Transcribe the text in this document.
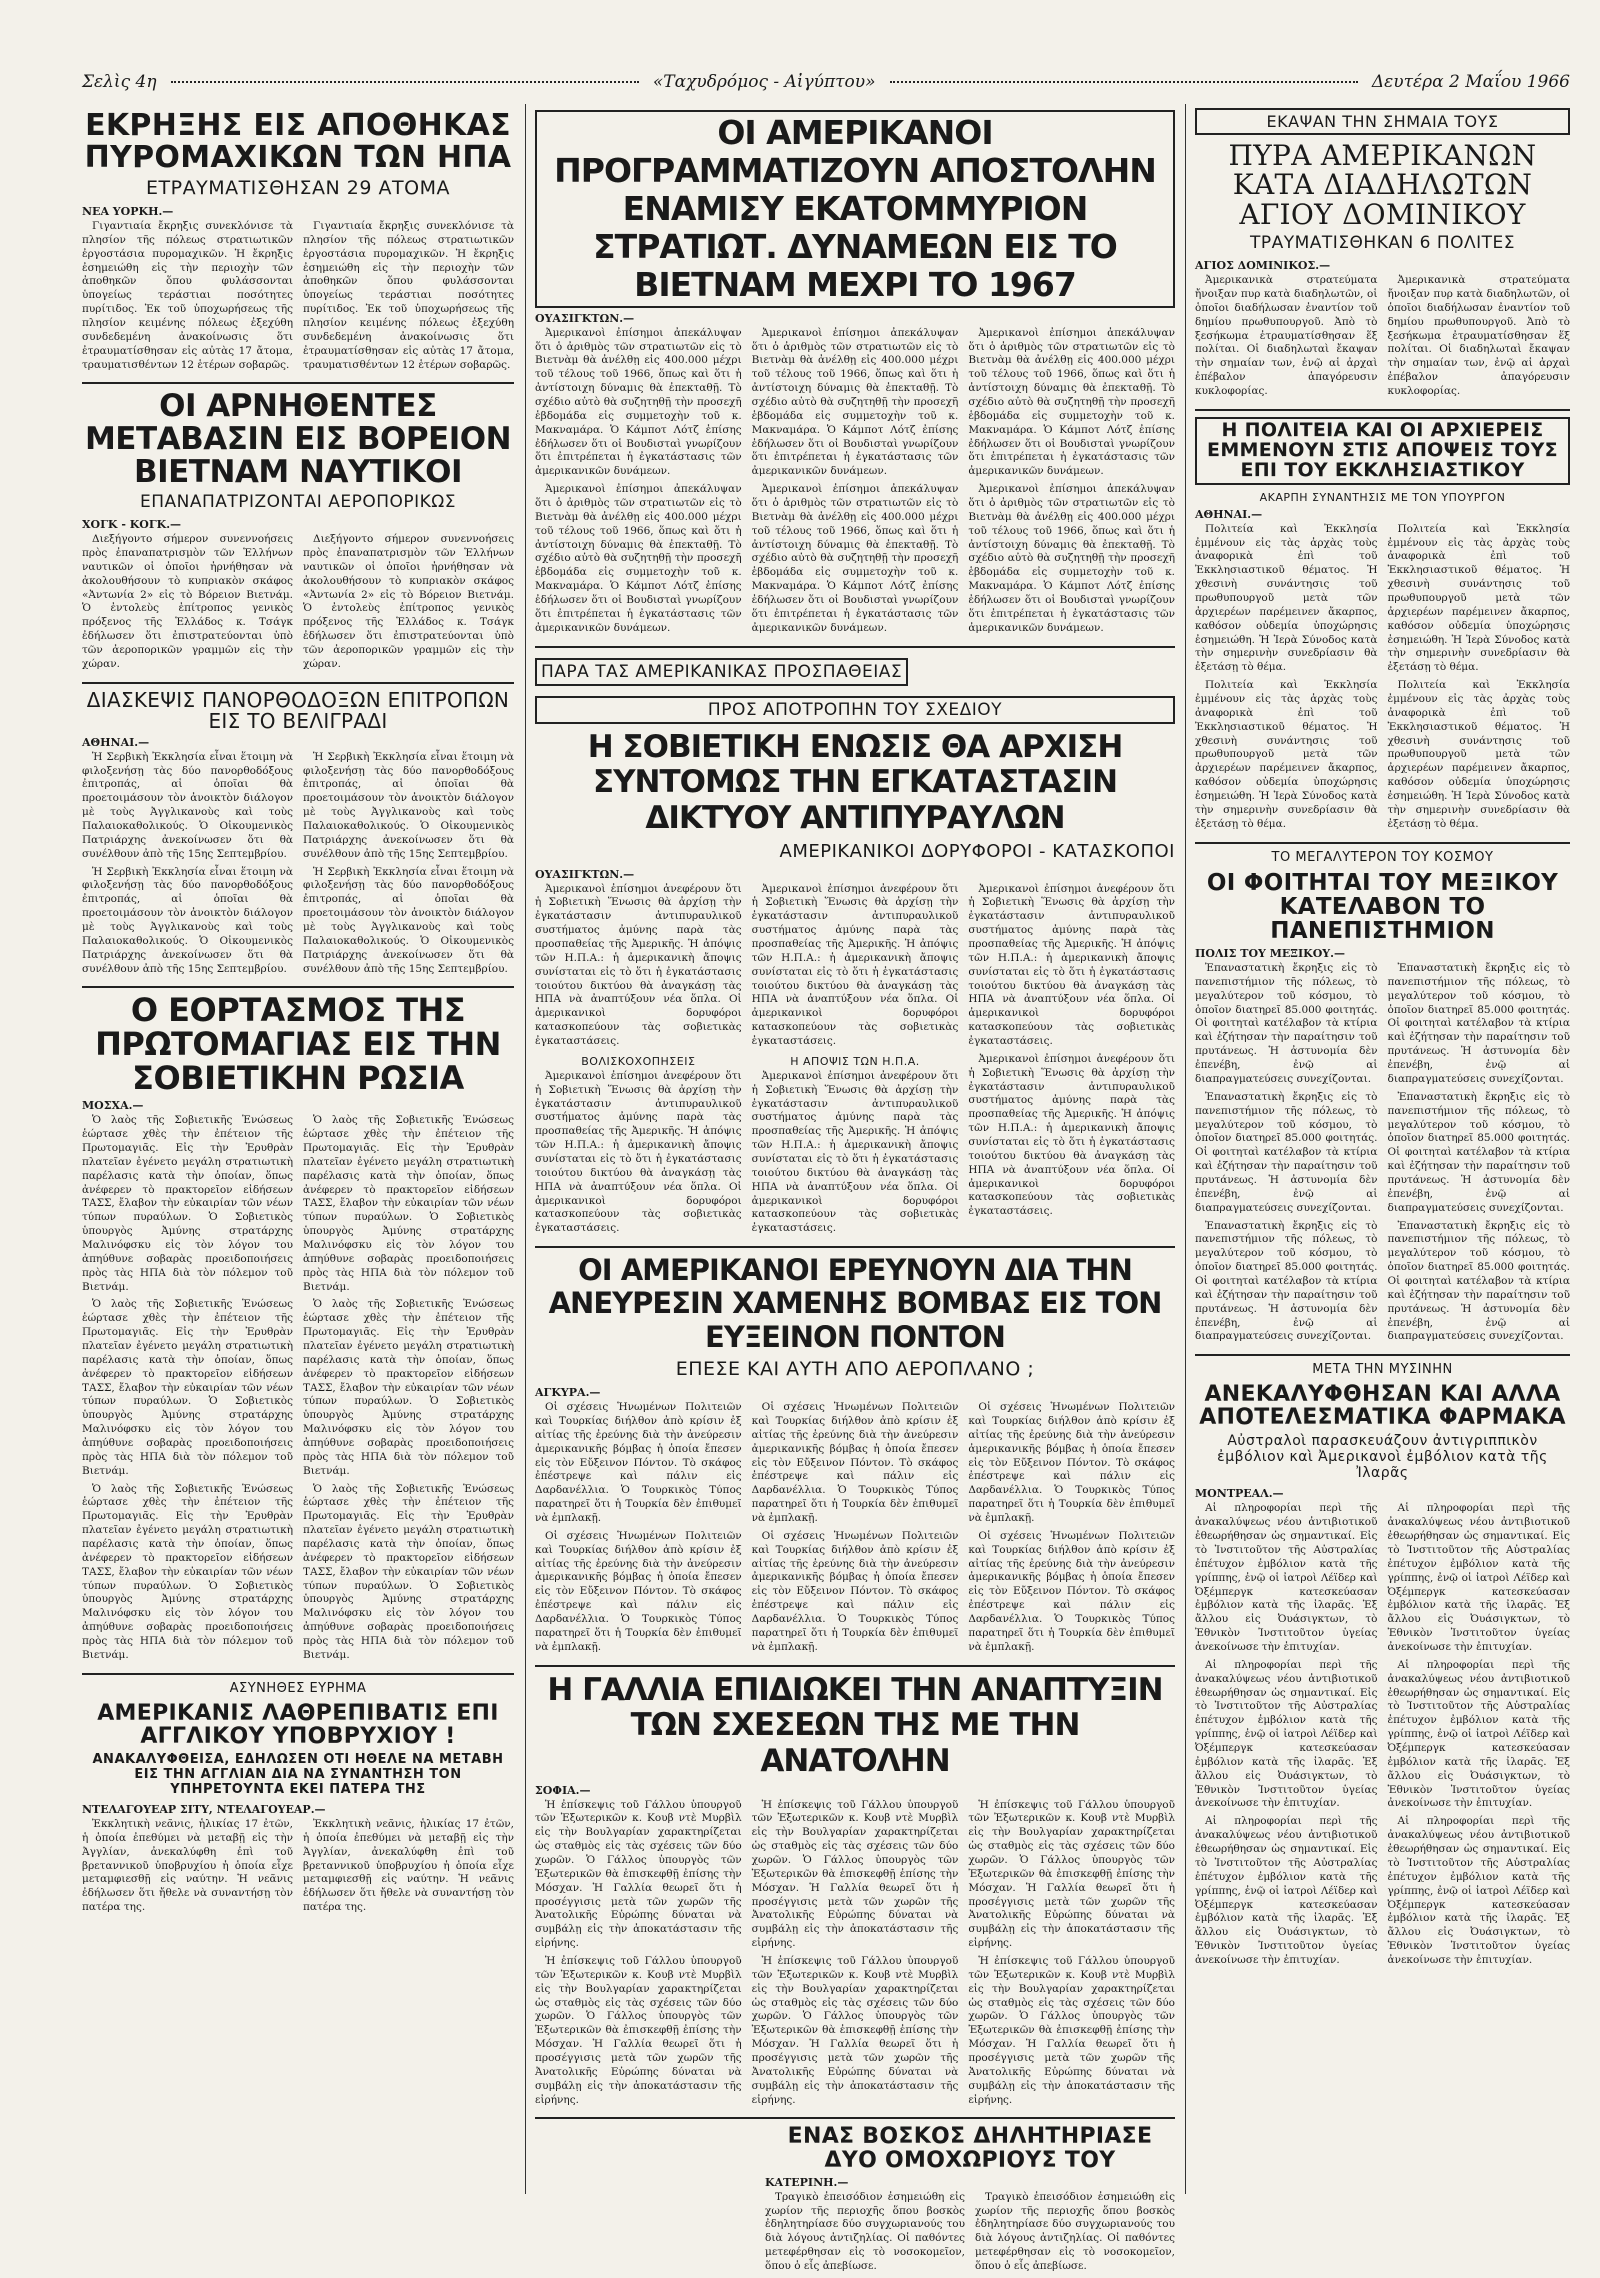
Σελὶς 4η	«Ταχυδρόμος - Αἰγύπτου»	Δευτέρα 2 Μαΐου 1966
ΕΚΡΗΞΗΣ ΕΙΣ ΑΠΟΘΗΚΑΣ ΠΥΡΟΜΑΧΙΚΩΝ ΤΩΝ ΗΠΑ
ΕΤΡΑΥΜΑΤΙΣΘΗΣΑΝ 29 ΑΤΟΜΑ
ΝΕΑ ΥΟΡΚΗ.—

Γιγαντιαία ἔκρηξις συνεκλόνισε τὰ πλησίον τῆς πόλεως στρατιωτικῶν ἐργοστάσια πυρομαχικῶν. Ἡ ἔκρηξις ἐσημειώθη εἰς τὴν περιοχὴν τῶν ἀποθηκῶν ὅπου φυλάσσονται ὑπογείως τεράστιαι ποσότητες πυρίτιδος. Ἐκ τοῦ ὑποχωρήσεως τῆς πλησίον κειμένης πόλεως ἐξεχύθη συνδεδεμένη ἀνακοίνωσις ὅτι ἐτραυματίσθησαν εἰς αὐτὰς 17 ἄτομα, τραυματισθέντων 12 ἑτέρων σοβαρῶς.

Γιγαντιαία ἔκρηξις συνεκλόνισε τὰ πλησίον τῆς πόλεως στρατιωτικῶν ἐργοστάσια πυρομαχικῶν. Ἡ ἔκρηξις ἐσημειώθη εἰς τὴν περιοχὴν τῶν ἀποθηκῶν ὅπου φυλάσσονται ὑπογείως τεράστιαι ποσότητες πυρίτιδος. Ἐκ τοῦ ὑποχωρήσεως τῆς πλησίον κειμένης πόλεως ἐξεχύθη συνδεδεμένη ἀνακοίνωσις ὅτι ἐτραυματίσθησαν εἰς αὐτὰς 17 ἄτομα, τραυματισθέντων 12 ἑτέρων σοβαρῶς.

ΟΙ ΑΡΝΗΘΕΝΤΕΣ ΜΕΤΑΒΑΣΙΝ ΕΙΣ ΒΟΡΕΙΟΝ ΒΙΕΤΝΑΜ ΝΑΥΤΙΚΟΙ
ΕΠΑΝΑΠΑΤΡΙΖΟΝΤΑΙ ΑΕΡΟΠΟΡΙΚΩΣ
ΧΟΓΚ - ΚΟΓΚ.—

Διεξήγοντο σήμερον συνεννοήσεις πρὸς ἐπαναπατρισμὸν τῶν Ἑλλήνων ναυτικῶν οἱ ὁποῖοι ἠρνήθησαν νὰ ἀκολουθήσουν τὸ κυπριακὸν σκάφος «Ἀντωνία 2» εἰς τὸ Βόρειον Βιετνάμ. Ὁ ἐντολεὺς ἐπίτροπος γενικὸς πρόξενος τῆς Ἑλλάδος κ. Τσάγκ ἐδήλωσεν ὅτι ἐπιστρατεύονται ὑπὸ τῶν ἀεροπορικῶν γραμμῶν εἰς τὴν χώραν.

Διεξήγοντο σήμερον συνεννοήσεις πρὸς ἐπαναπατρισμὸν τῶν Ἑλλήνων ναυτικῶν οἱ ὁποῖοι ἠρνήθησαν νὰ ἀκολουθήσουν τὸ κυπριακὸν σκάφος «Ἀντωνία 2» εἰς τὸ Βόρειον Βιετνάμ. Ὁ ἐντολεὺς ἐπίτροπος γενικὸς πρόξενος τῆς Ἑλλάδος κ. Τσάγκ ἐδήλωσεν ὅτι ἐπιστρατεύονται ὑπὸ τῶν ἀεροπορικῶν γραμμῶν εἰς τὴν χώραν.

ΔΙΑΣΚΕΨΙΣ ΠΑΝΟΡΘΟΔΟΞΩΝ ΕΠΙΤΡΟΠΩΝ ΕΙΣ ΤΟ ΒΕΛΙΓΡΑΔΙ
ΑΘΗΝΑΙ.—

Ἡ Σερβικὴ Ἐκκλησία εἶναι ἕτοιμη νὰ φιλοξενήσῃ τὰς δύο πανορθοδόξους ἐπιτροπάς, αἱ ὁποῖαι θὰ προετοιμάσουν τὸν ἀνοικτὸν διάλογον μὲ τοὺς Ἀγγλικανοὺς καὶ τοὺς Παλαιοκαθολικούς. Ὁ Οἰκουμενικὸς Πατριάρχης ἀνεκοίνωσεν ὅτι θὰ συνέλθουν ἀπὸ τῆς 15ης Σεπτεμβρίου.

Ἡ Σερβικὴ Ἐκκλησία εἶναι ἕτοιμη νὰ φιλοξενήσῃ τὰς δύο πανορθοδόξους ἐπιτροπάς, αἱ ὁποῖαι θὰ προετοιμάσουν τὸν ἀνοικτὸν διάλογον μὲ τοὺς Ἀγγλικανοὺς καὶ τοὺς Παλαιοκαθολικούς. Ὁ Οἰκουμενικὸς Πατριάρχης ἀνεκοίνωσεν ὅτι θὰ συνέλθουν ἀπὸ τῆς 15ης Σεπτεμβρίου.

Ἡ Σερβικὴ Ἐκκλησία εἶναι ἕτοιμη νὰ φιλοξενήσῃ τὰς δύο πανορθοδόξους ἐπιτροπάς, αἱ ὁποῖαι θὰ προετοιμάσουν τὸν ἀνοικτὸν διάλογον μὲ τοὺς Ἀγγλικανοὺς καὶ τοὺς Παλαιοκαθολικούς. Ὁ Οἰκουμενικὸς Πατριάρχης ἀνεκοίνωσεν ὅτι θὰ συνέλθουν ἀπὸ τῆς 15ης Σεπτεμβρίου.

Ἡ Σερβικὴ Ἐκκλησία εἶναι ἕτοιμη νὰ φιλοξενήσῃ τὰς δύο πανορθοδόξους ἐπιτροπάς, αἱ ὁποῖαι θὰ προετοιμάσουν τὸν ἀνοικτὸν διάλογον μὲ τοὺς Ἀγγλικανοὺς καὶ τοὺς Παλαιοκαθολικούς. Ὁ Οἰκουμενικὸς Πατριάρχης ἀνεκοίνωσεν ὅτι θὰ συνέλθουν ἀπὸ τῆς 15ης Σεπτεμβρίου.

Ο ΕΟΡΤΑΣΜΟΣ ΤΗΣ ΠΡΩΤΟΜΑΓΙΑΣ ΕΙΣ ΤΗΝ ΣΟΒΙΕΤΙΚΗΝ ΡΩΣΙΑ
ΜΟΣΧΑ.—

Ὁ λαὸς τῆς Σοβιετικῆς Ἑνώσεως ἑώρτασε χθὲς τὴν ἐπέτειον τῆς Πρωτομαγιᾶς. Εἰς τὴν Ἐρυθρὰν πλατεῖαν ἐγένετο μεγάλη στρατιωτικὴ παρέλασις κατὰ τὴν ὁποίαν, ὅπως ἀνέφερεν τὸ πρακτορεῖον εἰδήσεων ΤΑΣΣ, ἔλαβον τὴν εὐκαιρίαν τῶν νέων τύπων πυραύλων. Ὁ Σοβιετικὸς ὑπουργὸς Ἀμύνης στρατάρχης Μαλινόφσκυ εἰς τὸν λόγον του ἀπηύθυνε σοβαρὰς προειδοποιήσεις πρὸς τὰς ΗΠΑ διὰ τὸν πόλεμον τοῦ Βιετνάμ.

Ὁ λαὸς τῆς Σοβιετικῆς Ἑνώσεως ἑώρτασε χθὲς τὴν ἐπέτειον τῆς Πρωτομαγιᾶς. Εἰς τὴν Ἐρυθρὰν πλατεῖαν ἐγένετο μεγάλη στρατιωτικὴ παρέλασις κατὰ τὴν ὁποίαν, ὅπως ἀνέφερεν τὸ πρακτορεῖον εἰδήσεων ΤΑΣΣ, ἔλαβον τὴν εὐκαιρίαν τῶν νέων τύπων πυραύλων. Ὁ Σοβιετικὸς ὑπουργὸς Ἀμύνης στρατάρχης Μαλινόφσκυ εἰς τὸν λόγον του ἀπηύθυνε σοβαρὰς προειδοποιήσεις πρὸς τὰς ΗΠΑ διὰ τὸν πόλεμον τοῦ Βιετνάμ.

Ὁ λαὸς τῆς Σοβιετικῆς Ἑνώσεως ἑώρτασε χθὲς τὴν ἐπέτειον τῆς Πρωτομαγιᾶς. Εἰς τὴν Ἐρυθρὰν πλατεῖαν ἐγένετο μεγάλη στρατιωτικὴ παρέλασις κατὰ τὴν ὁποίαν, ὅπως ἀνέφερεν τὸ πρακτορεῖον εἰδήσεων ΤΑΣΣ, ἔλαβον τὴν εὐκαιρίαν τῶν νέων τύπων πυραύλων. Ὁ Σοβιετικὸς ὑπουργὸς Ἀμύνης στρατάρχης Μαλινόφσκυ εἰς τὸν λόγον του ἀπηύθυνε σοβαρὰς προειδοποιήσεις πρὸς τὰς ΗΠΑ διὰ τὸν πόλεμον τοῦ Βιετνάμ.

Ὁ λαὸς τῆς Σοβιετικῆς Ἑνώσεως ἑώρτασε χθὲς τὴν ἐπέτειον τῆς Πρωτομαγιᾶς. Εἰς τὴν Ἐρυθρὰν πλατεῖαν ἐγένετο μεγάλη στρατιωτικὴ παρέλασις κατὰ τὴν ὁποίαν, ὅπως ἀνέφερεν τὸ πρακτορεῖον εἰδήσεων ΤΑΣΣ, ἔλαβον τὴν εὐκαιρίαν τῶν νέων τύπων πυραύλων. Ὁ Σοβιετικὸς ὑπουργὸς Ἀμύνης στρατάρχης Μαλινόφσκυ εἰς τὸν λόγον του ἀπηύθυνε σοβαρὰς προειδοποιήσεις πρὸς τὰς ΗΠΑ διὰ τὸν πόλεμον τοῦ Βιετνάμ.

Ὁ λαὸς τῆς Σοβιετικῆς Ἑνώσεως ἑώρτασε χθὲς τὴν ἐπέτειον τῆς Πρωτομαγιᾶς. Εἰς τὴν Ἐρυθρὰν πλατεῖαν ἐγένετο μεγάλη στρατιωτικὴ παρέλασις κατὰ τὴν ὁποίαν, ὅπως ἀνέφερεν τὸ πρακτορεῖον εἰδήσεων ΤΑΣΣ, ἔλαβον τὴν εὐκαιρίαν τῶν νέων τύπων πυραύλων. Ὁ Σοβιετικὸς ὑπουργὸς Ἀμύνης στρατάρχης Μαλινόφσκυ εἰς τὸν λόγον του ἀπηύθυνε σοβαρὰς προειδοποιήσεις πρὸς τὰς ΗΠΑ διὰ τὸν πόλεμον τοῦ Βιετνάμ.

Ὁ λαὸς τῆς Σοβιετικῆς Ἑνώσεως ἑώρτασε χθὲς τὴν ἐπέτειον τῆς Πρωτομαγιᾶς. Εἰς τὴν Ἐρυθρὰν πλατεῖαν ἐγένετο μεγάλη στρατιωτικὴ παρέλασις κατὰ τὴν ὁποίαν, ὅπως ἀνέφερεν τὸ πρακτορεῖον εἰδήσεων ΤΑΣΣ, ἔλαβον τὴν εὐκαιρίαν τῶν νέων τύπων πυραύλων. Ὁ Σοβιετικὸς ὑπουργὸς Ἀμύνης στρατάρχης Μαλινόφσκυ εἰς τὸν λόγον του ἀπηύθυνε σοβαρὰς προειδοποιήσεις πρὸς τὰς ΗΠΑ διὰ τὸν πόλεμον τοῦ Βιετνάμ.

ΑΣΥΝΗΘΕΣ ΕΥΡΗΜΑ
ΑΜΕΡΙΚΑΝΙΣ ΛΑΘΡΕΠΙΒΑΤΙΣ ΕΠΙ ΑΓΓΛΙΚΟΥ ΥΠΟΒΡΥΧΙΟΥ !
ΑΝΑΚΑΛΥΦΘΕΙΣΑ, ΕΔΗΛΩΣΕΝ ΟΤΙ ΗΘΕΛΕ ΝΑ ΜΕΤΑΒΗ ΕΙΣ ΤΗΝ ΑΓΓΛΙΑΝ ΔΙΑ ΝΑ ΣΥΝΑΝΤΗΣΗ ΤΟΝ ΥΠΗΡΕΤΟΥΝΤΑ ΕΚΕΙ ΠΑΤΕΡΑ ΤΗΣ
ΝΤΕΛΑΓΟΥΕΑΡ ΣΙΤΥ, ΝΤΕΛΑΓΟΥΕΑΡ.—

Ἐκκλητικὴ νεᾶνις, ἡλικίας 17 ἐτῶν, ἡ ὁποία ἐπεθύμει νὰ μεταβῇ εἰς τὴν Ἀγγλίαν, ἀνεκαλύφθη ἐπὶ τοῦ βρεταννικοῦ ὑποβρυχίου ἡ ὁποία εἶχε μεταμφιεσθῇ εἰς ναύτην. Ἡ νεᾶνις ἐδήλωσεν ὅτι ἤθελε νὰ συναντήσῃ τὸν πατέρα της.

Ἐκκλητικὴ νεᾶνις, ἡλικίας 17 ἐτῶν, ἡ ὁποία ἐπεθύμει νὰ μεταβῇ εἰς τὴν Ἀγγλίαν, ἀνεκαλύφθη ἐπὶ τοῦ βρεταννικοῦ ὑποβρυχίου ἡ ὁποία εἶχε μεταμφιεσθῇ εἰς ναύτην. Ἡ νεᾶνις ἐδήλωσεν ὅτι ἤθελε νὰ συναντήσῃ τὸν πατέρα της.

ΟΙ ΑΜΕΡΙΚΑΝΟΙ ΠΡΟΓΡΑΜΜΑΤΙΖΟΥΝ ΑΠΟΣΤΟΛΗΝ ΕΝΑΜΙΣΥ ΕΚΑΤΟΜΜΥΡΙΟΝ ΣΤΡΑΤΙΩΤ. ΔΥΝΑΜΕΩΝ ΕΙΣ ΤΟ ΒΙΕΤΝΑΜ ΜΕΧΡΙ ΤΟ 1967
ΟΥΑΣΙΓΚΤΩΝ.—

Ἀμερικανοὶ ἐπίσημοι ἀπεκάλυψαν ὅτι ὁ ἀριθμὸς τῶν στρατιωτῶν εἰς τὸ Βιετνὰμ θὰ ἀνέλθῃ εἰς 400.000 μέχρι τοῦ τέλους τοῦ 1966, ὅπως καὶ ὅτι ἡ ἀντίστοιχη δύναμις θὰ ἐπεκταθῇ. Τὸ σχέδιο αὐτὸ θὰ συζητηθῇ τὴν προσεχῆ ἑβδομάδα εἰς συμμετοχὴν τοῦ κ. Μακναμάρα. Ὁ Κάμποτ Λότζ ἐπίσης ἐδήλωσεν ὅτι οἱ Βουδισταὶ γνωρίζουν ὅτι ἐπιτρέπεται ἡ ἐγκατάστασις τῶν ἀμερικανικῶν δυνάμεων.

Ἀμερικανοὶ ἐπίσημοι ἀπεκάλυψαν ὅτι ὁ ἀριθμὸς τῶν στρατιωτῶν εἰς τὸ Βιετνὰμ θὰ ἀνέλθῃ εἰς 400.000 μέχρι τοῦ τέλους τοῦ 1966, ὅπως καὶ ὅτι ἡ ἀντίστοιχη δύναμις θὰ ἐπεκταθῇ. Τὸ σχέδιο αὐτὸ θὰ συζητηθῇ τὴν προσεχῆ ἑβδομάδα εἰς συμμετοχὴν τοῦ κ. Μακναμάρα. Ὁ Κάμποτ Λότζ ἐπίσης ἐδήλωσεν ὅτι οἱ Βουδισταὶ γνωρίζουν ὅτι ἐπιτρέπεται ἡ ἐγκατάστασις τῶν ἀμερικανικῶν δυνάμεων.

Ἀμερικανοὶ ἐπίσημοι ἀπεκάλυψαν ὅτι ὁ ἀριθμὸς τῶν στρατιωτῶν εἰς τὸ Βιετνὰμ θὰ ἀνέλθῃ εἰς 400.000 μέχρι τοῦ τέλους τοῦ 1966, ὅπως καὶ ὅτι ἡ ἀντίστοιχη δύναμις θὰ ἐπεκταθῇ. Τὸ σχέδιο αὐτὸ θὰ συζητηθῇ τὴν προσεχῆ ἑβδομάδα εἰς συμμετοχὴν τοῦ κ. Μακναμάρα. Ὁ Κάμποτ Λότζ ἐπίσης ἐδήλωσεν ὅτι οἱ Βουδισταὶ γνωρίζουν ὅτι ἐπιτρέπεται ἡ ἐγκατάστασις τῶν ἀμερικανικῶν δυνάμεων.

Ἀμερικανοὶ ἐπίσημοι ἀπεκάλυψαν ὅτι ὁ ἀριθμὸς τῶν στρατιωτῶν εἰς τὸ Βιετνὰμ θὰ ἀνέλθῃ εἰς 400.000 μέχρι τοῦ τέλους τοῦ 1966, ὅπως καὶ ὅτι ἡ ἀντίστοιχη δύναμις θὰ ἐπεκταθῇ. Τὸ σχέδιο αὐτὸ θὰ συζητηθῇ τὴν προσεχῆ ἑβδομάδα εἰς συμμετοχὴν τοῦ κ. Μακναμάρα. Ὁ Κάμποτ Λότζ ἐπίσης ἐδήλωσεν ὅτι οἱ Βουδισταὶ γνωρίζουν ὅτι ἐπιτρέπεται ἡ ἐγκατάστασις τῶν ἀμερικανικῶν δυνάμεων.

Ἀμερικανοὶ ἐπίσημοι ἀπεκάλυψαν ὅτι ὁ ἀριθμὸς τῶν στρατιωτῶν εἰς τὸ Βιετνὰμ θὰ ἀνέλθῃ εἰς 400.000 μέχρι τοῦ τέλους τοῦ 1966, ὅπως καὶ ὅτι ἡ ἀντίστοιχη δύναμις θὰ ἐπεκταθῇ. Τὸ σχέδιο αὐτὸ θὰ συζητηθῇ τὴν προσεχῆ ἑβδομάδα εἰς συμμετοχὴν τοῦ κ. Μακναμάρα. Ὁ Κάμποτ Λότζ ἐπίσης ἐδήλωσεν ὅτι οἱ Βουδισταὶ γνωρίζουν ὅτι ἐπιτρέπεται ἡ ἐγκατάστασις τῶν ἀμερικανικῶν δυνάμεων.

Ἀμερικανοὶ ἐπίσημοι ἀπεκάλυψαν ὅτι ὁ ἀριθμὸς τῶν στρατιωτῶν εἰς τὸ Βιετνὰμ θὰ ἀνέλθῃ εἰς 400.000 μέχρι τοῦ τέλους τοῦ 1966, ὅπως καὶ ὅτι ἡ ἀντίστοιχη δύναμις θὰ ἐπεκταθῇ. Τὸ σχέδιο αὐτὸ θὰ συζητηθῇ τὴν προσεχῆ ἑβδομάδα εἰς συμμετοχὴν τοῦ κ. Μακναμάρα. Ὁ Κάμποτ Λότζ ἐπίσης ἐδήλωσεν ὅτι οἱ Βουδισταὶ γνωρίζουν ὅτι ἐπιτρέπεται ἡ ἐγκατάστασις τῶν ἀμερικανικῶν δυνάμεων.

ΠΑΡΑ ΤΑΣ ΑΜΕΡΙΚΑΝΙΚΑΣ ΠΡΟΣΠΑΘΕΙΑΣ
ΠΡΟΣ ΑΠΟΤΡΟΠΗΝ ΤΟΥ ΣΧΕΔΙΟΥ
Η ΣΟΒΙΕΤΙΚΗ ΕΝΩΣΙΣ ΘΑ ΑΡΧΙΣΗ ΣΥΝΤΟΜΩΣ ΤΗΝ ΕΓΚΑΤΑΣΤΑΣΙΝ ΔΙΚΤΥΟΥ ΑΝΤΙΠΥΡΑΥΛΩΝ
ΑΜΕΡΙΚΑΝΙΚΟΙ ΔΟΡΥΦΟΡΟΙ - ΚΑΤΑΣΚΟΠΟΙ
ΟΥΑΣΙΓΚΤΩΝ.—

Ἀμερικανοὶ ἐπίσημοι ἀνεφέρουν ὅτι ἡ Σοβιετικὴ Ἕνωσις θὰ ἀρχίσῃ τὴν ἐγκατάστασιν ἀντιπυραυλικοῦ συστήματος ἀμύνης παρὰ τὰς προσπαθείας τῆς Ἀμερικῆς. Ἡ ἀπόψις τῶν Η.Π.Α.: ἡ ἀμερικανικὴ ἄποψις συνίσταται εἰς τὸ ὅτι ἡ ἐγκατάστασις τοιούτου δικτύου θὰ ἀναγκάσῃ τὰς ΗΠΑ νὰ ἀναπτύξουν νέα ὅπλα. Οἱ ἀμερικανικοὶ δορυφόροι κατασκοπεύουν τὰς σοβιετικὰς ἐγκαταστάσεις.

ΒΟΛΙΣΚΟΧΟΠΗΣΕΙΣ

Ἀμερικανοὶ ἐπίσημοι ἀνεφέρουν ὅτι ἡ Σοβιετικὴ Ἕνωσις θὰ ἀρχίσῃ τὴν ἐγκατάστασιν ἀντιπυραυλικοῦ συστήματος ἀμύνης παρὰ τὰς προσπαθείας τῆς Ἀμερικῆς. Ἡ ἀπόψις τῶν Η.Π.Α.: ἡ ἀμερικανικὴ ἄποψις συνίσταται εἰς τὸ ὅτι ἡ ἐγκατάστασις τοιούτου δικτύου θὰ ἀναγκάσῃ τὰς ΗΠΑ νὰ ἀναπτύξουν νέα ὅπλα. Οἱ ἀμερικανικοὶ δορυφόροι κατασκοπεύουν τὰς σοβιετικὰς ἐγκαταστάσεις.

Ἀμερικανοὶ ἐπίσημοι ἀνεφέρουν ὅτι ἡ Σοβιετικὴ Ἕνωσις θὰ ἀρχίσῃ τὴν ἐγκατάστασιν ἀντιπυραυλικοῦ συστήματος ἀμύνης παρὰ τὰς προσπαθείας τῆς Ἀμερικῆς. Ἡ ἀπόψις τῶν Η.Π.Α.: ἡ ἀμερικανικὴ ἄποψις συνίσταται εἰς τὸ ὅτι ἡ ἐγκατάστασις τοιούτου δικτύου θὰ ἀναγκάσῃ τὰς ΗΠΑ νὰ ἀναπτύξουν νέα ὅπλα. Οἱ ἀμερικανικοὶ δορυφόροι κατασκοπεύουν τὰς σοβιετικὰς ἐγκαταστάσεις.

Η ΑΠΟΨΙΣ ΤΩΝ Η.Π.Α.

Ἀμερικανοὶ ἐπίσημοι ἀνεφέρουν ὅτι ἡ Σοβιετικὴ Ἕνωσις θὰ ἀρχίσῃ τὴν ἐγκατάστασιν ἀντιπυραυλικοῦ συστήματος ἀμύνης παρὰ τὰς προσπαθείας τῆς Ἀμερικῆς. Ἡ ἀπόψις τῶν Η.Π.Α.: ἡ ἀμερικανικὴ ἄποψις συνίσταται εἰς τὸ ὅτι ἡ ἐγκατάστασις τοιούτου δικτύου θὰ ἀναγκάσῃ τὰς ΗΠΑ νὰ ἀναπτύξουν νέα ὅπλα. Οἱ ἀμερικανικοὶ δορυφόροι κατασκοπεύουν τὰς σοβιετικὰς ἐγκαταστάσεις.

Ἀμερικανοὶ ἐπίσημοι ἀνεφέρουν ὅτι ἡ Σοβιετικὴ Ἕνωσις θὰ ἀρχίσῃ τὴν ἐγκατάστασιν ἀντιπυραυλικοῦ συστήματος ἀμύνης παρὰ τὰς προσπαθείας τῆς Ἀμερικῆς. Ἡ ἀπόψις τῶν Η.Π.Α.: ἡ ἀμερικανικὴ ἄποψις συνίσταται εἰς τὸ ὅτι ἡ ἐγκατάστασις τοιούτου δικτύου θὰ ἀναγκάσῃ τὰς ΗΠΑ νὰ ἀναπτύξουν νέα ὅπλα. Οἱ ἀμερικανικοὶ δορυφόροι κατασκοπεύουν τὰς σοβιετικὰς ἐγκαταστάσεις.

Ἀμερικανοὶ ἐπίσημοι ἀνεφέρουν ὅτι ἡ Σοβιετικὴ Ἕνωσις θὰ ἀρχίσῃ τὴν ἐγκατάστασιν ἀντιπυραυλικοῦ συστήματος ἀμύνης παρὰ τὰς προσπαθείας τῆς Ἀμερικῆς. Ἡ ἀπόψις τῶν Η.Π.Α.: ἡ ἀμερικανικὴ ἄποψις συνίσταται εἰς τὸ ὅτι ἡ ἐγκατάστασις τοιούτου δικτύου θὰ ἀναγκάσῃ τὰς ΗΠΑ νὰ ἀναπτύξουν νέα ὅπλα. Οἱ ἀμερικανικοὶ δορυφόροι κατασκοπεύουν τὰς σοβιετικὰς ἐγκαταστάσεις.

ΟΙ ΑΜΕΡΙΚΑΝΟΙ ΕΡΕΥΝΟΥΝ ΔΙΑ ΤΗΝ ΑΝΕΥΡΕΣΙΝ ΧΑΜΕΝΗΣ ΒΟΜΒΑΣ ΕΙΣ ΤΟΝ ΕΥΞΕΙΝΟΝ ΠΟΝΤΟΝ
ΕΠΕΣΕ ΚΑΙ ΑΥΤΗ ΑΠΟ ΑΕΡΟΠΛΑΝΟ ;
ΑΓΚΥΡΑ.—

Οἱ σχέσεις Ἡνωμένων Πολιτειῶν καὶ Τουρκίας διήλθον ἀπὸ κρίσιν ἐξ αἰτίας τῆς ἐρεύνης διὰ τὴν ἀνεύρεσιν ἀμερικανικῆς βόμβας ἡ ὁποία ἔπεσεν εἰς τὸν Εὔξεινον Πόντον. Τὸ σκάφος ἐπέστρεψε καὶ πάλιν εἰς Δαρδανέλλια. Ὁ Τουρκικὸς Τύπος παρατηρεῖ ὅτι ἡ Τουρκία δὲν ἐπιθυμεῖ νὰ ἐμπλακῇ.

Οἱ σχέσεις Ἡνωμένων Πολιτειῶν καὶ Τουρκίας διήλθον ἀπὸ κρίσιν ἐξ αἰτίας τῆς ἐρεύνης διὰ τὴν ἀνεύρεσιν ἀμερικανικῆς βόμβας ἡ ὁποία ἔπεσεν εἰς τὸν Εὔξεινον Πόντον. Τὸ σκάφος ἐπέστρεψε καὶ πάλιν εἰς Δαρδανέλλια. Ὁ Τουρκικὸς Τύπος παρατηρεῖ ὅτι ἡ Τουρκία δὲν ἐπιθυμεῖ νὰ ἐμπλακῇ.

Οἱ σχέσεις Ἡνωμένων Πολιτειῶν καὶ Τουρκίας διήλθον ἀπὸ κρίσιν ἐξ αἰτίας τῆς ἐρεύνης διὰ τὴν ἀνεύρεσιν ἀμερικανικῆς βόμβας ἡ ὁποία ἔπεσεν εἰς τὸν Εὔξεινον Πόντον. Τὸ σκάφος ἐπέστρεψε καὶ πάλιν εἰς Δαρδανέλλια. Ὁ Τουρκικὸς Τύπος παρατηρεῖ ὅτι ἡ Τουρκία δὲν ἐπιθυμεῖ νὰ ἐμπλακῇ.

Οἱ σχέσεις Ἡνωμένων Πολιτειῶν καὶ Τουρκίας διήλθον ἀπὸ κρίσιν ἐξ αἰτίας τῆς ἐρεύνης διὰ τὴν ἀνεύρεσιν ἀμερικανικῆς βόμβας ἡ ὁποία ἔπεσεν εἰς τὸν Εὔξεινον Πόντον. Τὸ σκάφος ἐπέστρεψε καὶ πάλιν εἰς Δαρδανέλλια. Ὁ Τουρκικὸς Τύπος παρατηρεῖ ὅτι ἡ Τουρκία δὲν ἐπιθυμεῖ νὰ ἐμπλακῇ.

Οἱ σχέσεις Ἡνωμένων Πολιτειῶν καὶ Τουρκίας διήλθον ἀπὸ κρίσιν ἐξ αἰτίας τῆς ἐρεύνης διὰ τὴν ἀνεύρεσιν ἀμερικανικῆς βόμβας ἡ ὁποία ἔπεσεν εἰς τὸν Εὔξεινον Πόντον. Τὸ σκάφος ἐπέστρεψε καὶ πάλιν εἰς Δαρδανέλλια. Ὁ Τουρκικὸς Τύπος παρατηρεῖ ὅτι ἡ Τουρκία δὲν ἐπιθυμεῖ νὰ ἐμπλακῇ.

Οἱ σχέσεις Ἡνωμένων Πολιτειῶν καὶ Τουρκίας διήλθον ἀπὸ κρίσιν ἐξ αἰτίας τῆς ἐρεύνης διὰ τὴν ἀνεύρεσιν ἀμερικανικῆς βόμβας ἡ ὁποία ἔπεσεν εἰς τὸν Εὔξεινον Πόντον. Τὸ σκάφος ἐπέστρεψε καὶ πάλιν εἰς Δαρδανέλλια. Ὁ Τουρκικὸς Τύπος παρατηρεῖ ὅτι ἡ Τουρκία δὲν ἐπιθυμεῖ νὰ ἐμπλακῇ.

Η ΓΑΛΛΙΑ ΕΠΙΔΙΩΚΕΙ ΤΗΝ ΑΝΑΠΤΥΞΙΝ ΤΩΝ ΣΧΕΣΕΩΝ ΤΗΣ ΜΕ ΤΗΝ ΑΝΑΤΟΛΗΝ
ΣΟΦΙΑ.—

Ἡ ἐπίσκεψις τοῦ Γάλλου ὑπουργοῦ τῶν Ἐξωτερικῶν κ. Κουβ ντὲ Μυρβὶλ εἰς τὴν Βουλγαρίαν χαρακτηρίζεται ὡς σταθμὸς εἰς τὰς σχέσεις τῶν δύο χωρῶν. Ὁ Γάλλος ὑπουργὸς τῶν Ἐξωτερικῶν θὰ ἐπισκεφθῇ ἐπίσης τὴν Μόσχαν. Ἡ Γαλλία θεωρεῖ ὅτι ἡ προσέγγισις μετὰ τῶν χωρῶν τῆς Ἀνατολικῆς Εὐρώπης δύναται νὰ συμβάλῃ εἰς τὴν ἀποκατάστασιν τῆς εἰρήνης.

Ἡ ἐπίσκεψις τοῦ Γάλλου ὑπουργοῦ τῶν Ἐξωτερικῶν κ. Κουβ ντὲ Μυρβὶλ εἰς τὴν Βουλγαρίαν χαρακτηρίζεται ὡς σταθμὸς εἰς τὰς σχέσεις τῶν δύο χωρῶν. Ὁ Γάλλος ὑπουργὸς τῶν Ἐξωτερικῶν θὰ ἐπισκεφθῇ ἐπίσης τὴν Μόσχαν. Ἡ Γαλλία θεωρεῖ ὅτι ἡ προσέγγισις μετὰ τῶν χωρῶν τῆς Ἀνατολικῆς Εὐρώπης δύναται νὰ συμβάλῃ εἰς τὴν ἀποκατάστασιν τῆς εἰρήνης.

Ἡ ἐπίσκεψις τοῦ Γάλλου ὑπουργοῦ τῶν Ἐξωτερικῶν κ. Κουβ ντὲ Μυρβὶλ εἰς τὴν Βουλγαρίαν χαρακτηρίζεται ὡς σταθμὸς εἰς τὰς σχέσεις τῶν δύο χωρῶν. Ὁ Γάλλος ὑπουργὸς τῶν Ἐξωτερικῶν θὰ ἐπισκεφθῇ ἐπίσης τὴν Μόσχαν. Ἡ Γαλλία θεωρεῖ ὅτι ἡ προσέγγισις μετὰ τῶν χωρῶν τῆς Ἀνατολικῆς Εὐρώπης δύναται νὰ συμβάλῃ εἰς τὴν ἀποκατάστασιν τῆς εἰρήνης.

Ἡ ἐπίσκεψις τοῦ Γάλλου ὑπουργοῦ τῶν Ἐξωτερικῶν κ. Κουβ ντὲ Μυρβὶλ εἰς τὴν Βουλγαρίαν χαρακτηρίζεται ὡς σταθμὸς εἰς τὰς σχέσεις τῶν δύο χωρῶν. Ὁ Γάλλος ὑπουργὸς τῶν Ἐξωτερικῶν θὰ ἐπισκεφθῇ ἐπίσης τὴν Μόσχαν. Ἡ Γαλλία θεωρεῖ ὅτι ἡ προσέγγισις μετὰ τῶν χωρῶν τῆς Ἀνατολικῆς Εὐρώπης δύναται νὰ συμβάλῃ εἰς τὴν ἀποκατάστασιν τῆς εἰρήνης.

Ἡ ἐπίσκεψις τοῦ Γάλλου ὑπουργοῦ τῶν Ἐξωτερικῶν κ. Κουβ ντὲ Μυρβὶλ εἰς τὴν Βουλγαρίαν χαρακτηρίζεται ὡς σταθμὸς εἰς τὰς σχέσεις τῶν δύο χωρῶν. Ὁ Γάλλος ὑπουργὸς τῶν Ἐξωτερικῶν θὰ ἐπισκεφθῇ ἐπίσης τὴν Μόσχαν. Ἡ Γαλλία θεωρεῖ ὅτι ἡ προσέγγισις μετὰ τῶν χωρῶν τῆς Ἀνατολικῆς Εὐρώπης δύναται νὰ συμβάλῃ εἰς τὴν ἀποκατάστασιν τῆς εἰρήνης.

Ἡ ἐπίσκεψις τοῦ Γάλλου ὑπουργοῦ τῶν Ἐξωτερικῶν κ. Κουβ ντὲ Μυρβὶλ εἰς τὴν Βουλγαρίαν χαρακτηρίζεται ὡς σταθμὸς εἰς τὰς σχέσεις τῶν δύο χωρῶν. Ὁ Γάλλος ὑπουργὸς τῶν Ἐξωτερικῶν θὰ ἐπισκεφθῇ ἐπίσης τὴν Μόσχαν. Ἡ Γαλλία θεωρεῖ ὅτι ἡ προσέγγισις μετὰ τῶν χωρῶν τῆς Ἀνατολικῆς Εὐρώπης δύναται νὰ συμβάλῃ εἰς τὴν ἀποκατάστασιν τῆς εἰρήνης.

ΕΝΑΣ ΒΟΣΚΟΣ ΔΗΛΗΤΗΡΙΑΣΕ ΔΥΟ ΟΜΟΧΩΡΙΟΥΣ ΤΟΥ
ΚΑΤΕΡΙΝΗ.—

Τραγικὸ ἐπεισόδιον ἐσημειώθη εἰς χωρίον τῆς περιοχῆς ὅπου βοσκὸς ἐδηλητηρίασε δύο συγχωριανούς του διὰ λόγους ἀντιζηλίας. Οἱ παθόντες μετεφέρθησαν εἰς τὸ νοσοκομεῖον, ὅπου ὁ εἷς ἀπεβίωσε.

Τραγικὸ ἐπεισόδιον ἐσημειώθη εἰς χωρίον τῆς περιοχῆς ὅπου βοσκὸς ἐδηλητηρίασε δύο συγχωριανούς του διὰ λόγους ἀντιζηλίας. Οἱ παθόντες μετεφέρθησαν εἰς τὸ νοσοκομεῖον, ὅπου ὁ εἷς ἀπεβίωσε.

ΕΚΑΨΑΝ ΤΗΝ ΣΗΜΑΙΑ ΤΟΥΣ
ΠΥΡΑ ΑΜΕΡΙΚΑΝΩΝ ΚΑΤΑ ΔΙΑΔΗΛΩΤΩΝ ΑΓΙΟΥ ΔΟΜΙΝΙΚΟΥ
ΤΡΑΥΜΑΤΙΣΘΗΚΑΝ 6 ΠΟΛΙΤΕΣ
ΑΓΙΟΣ ΔΟΜΙΝΙΚΟΣ.—

Ἀμερικανικὰ στρατεύματα ἤνοιξαν πυρ κατὰ διαδηλωτῶν, οἱ ὁποῖοι διαδήλωσαν ἐναντίον τοῦ δημίου πρωθυπουργοῦ. Ἀπὸ τὸ ξεσήκωμα ἐτραυματίσθησαν ἕξ πολίται. Οἱ διαδηλωταὶ ἔκαψαν τὴν σημαίαν των, ἐνῷ αἱ ἀρχαὶ ἐπέβαλον ἀπαγόρευσιν κυκλοφορίας.

Ἀμερικανικὰ στρατεύματα ἤνοιξαν πυρ κατὰ διαδηλωτῶν, οἱ ὁποῖοι διαδήλωσαν ἐναντίον τοῦ δημίου πρωθυπουργοῦ. Ἀπὸ τὸ ξεσήκωμα ἐτραυματίσθησαν ἕξ πολίται. Οἱ διαδηλωταὶ ἔκαψαν τὴν σημαίαν των, ἐνῷ αἱ ἀρχαὶ ἐπέβαλον ἀπαγόρευσιν κυκλοφορίας.

Η ΠΟΛΙΤΕΙΑ ΚΑΙ ΟΙ ΑΡΧΙΕΡΕΙΣ ΕΜΜΕΝΟΥΝ ΣΤΙΣ ΑΠΟΨΕΙΣ ΤΟΥΣ ΕΠΙ ΤΟΥ ΕΚΚΛΗΣΙΑΣΤΙΚΟΥ
ΑΚΑΡΠΗ ΣΥΝΑΝΤΗΣΙΣ ΜΕ ΤΟΝ ΥΠΟΥΡΓΟΝ
ΑΘΗΝΑΙ.—

Πολιτεία καὶ Ἐκκλησία ἐμμένουν εἰς τὰς ἀρχὰς τοὺς ἀναφορικὰ ἐπὶ τοῦ Ἐκκλησιαστικοῦ θέματος. Ἡ χθεσινὴ συνάντησις τοῦ πρωθυπουργοῦ μετὰ τῶν ἀρχιερέων παρέμεινεν ἄκαρπος, καθόσον οὐδεμία ὑποχώρησις ἐσημειώθη. Ἡ Ἱερὰ Σύνοδος κατὰ τὴν σημερινὴν συνεδρίασιν θὰ ἐξετάσῃ τὸ θέμα.

Πολιτεία καὶ Ἐκκλησία ἐμμένουν εἰς τὰς ἀρχὰς τοὺς ἀναφορικὰ ἐπὶ τοῦ Ἐκκλησιαστικοῦ θέματος. Ἡ χθεσινὴ συνάντησις τοῦ πρωθυπουργοῦ μετὰ τῶν ἀρχιερέων παρέμεινεν ἄκαρπος, καθόσον οὐδεμία ὑποχώρησις ἐσημειώθη. Ἡ Ἱερὰ Σύνοδος κατὰ τὴν σημερινὴν συνεδρίασιν θὰ ἐξετάσῃ τὸ θέμα.

Πολιτεία καὶ Ἐκκλησία ἐμμένουν εἰς τὰς ἀρχὰς τοὺς ἀναφορικὰ ἐπὶ τοῦ Ἐκκλησιαστικοῦ θέματος. Ἡ χθεσινὴ συνάντησις τοῦ πρωθυπουργοῦ μετὰ τῶν ἀρχιερέων παρέμεινεν ἄκαρπος, καθόσον οὐδεμία ὑποχώρησις ἐσημειώθη. Ἡ Ἱερὰ Σύνοδος κατὰ τὴν σημερινὴν συνεδρίασιν θὰ ἐξετάσῃ τὸ θέμα.

Πολιτεία καὶ Ἐκκλησία ἐμμένουν εἰς τὰς ἀρχὰς τοὺς ἀναφορικὰ ἐπὶ τοῦ Ἐκκλησιαστικοῦ θέματος. Ἡ χθεσινὴ συνάντησις τοῦ πρωθυπουργοῦ μετὰ τῶν ἀρχιερέων παρέμεινεν ἄκαρπος, καθόσον οὐδεμία ὑποχώρησις ἐσημειώθη. Ἡ Ἱερὰ Σύνοδος κατὰ τὴν σημερινὴν συνεδρίασιν θὰ ἐξετάσῃ τὸ θέμα.

ΤΟ ΜΕΓΑΛΥΤΕΡΟΝ ΤΟΥ ΚΟΣΜΟΥ
ΟΙ ΦΟΙΤΗΤΑΙ ΤΟΥ ΜΕΞΙΚΟΥ ΚΑΤΕΛΑΒΟΝ ΤΟ ΠΑΝΕΠΙΣΤΗΜΙΟΝ
ΠΟΛΙΣ ΤΟΥ ΜΕΞΙΚΟΥ.—

Ἐπαναστατικὴ ἔκρηξις εἰς τὸ πανεπιστήμιον τῆς πόλεως, τὸ μεγαλύτερον τοῦ κόσμου, τὸ ὁποῖον διατηρεῖ 85.000 φοιτητάς. Οἱ φοιτηταὶ κατέλαβον τὰ κτίρια καὶ ἐζήτησαν τὴν παραίτησιν τοῦ πρυτάνεως. Ἡ ἀστυνομία δὲν ἐπενέβη, ἐνῷ αἱ διαπραγματεύσεις συνεχίζονται.

Ἐπαναστατικὴ ἔκρηξις εἰς τὸ πανεπιστήμιον τῆς πόλεως, τὸ μεγαλύτερον τοῦ κόσμου, τὸ ὁποῖον διατηρεῖ 85.000 φοιτητάς. Οἱ φοιτηταὶ κατέλαβον τὰ κτίρια καὶ ἐζήτησαν τὴν παραίτησιν τοῦ πρυτάνεως. Ἡ ἀστυνομία δὲν ἐπενέβη, ἐνῷ αἱ διαπραγματεύσεις συνεχίζονται.

Ἐπαναστατικὴ ἔκρηξις εἰς τὸ πανεπιστήμιον τῆς πόλεως, τὸ μεγαλύτερον τοῦ κόσμου, τὸ ὁποῖον διατηρεῖ 85.000 φοιτητάς. Οἱ φοιτηταὶ κατέλαβον τὰ κτίρια καὶ ἐζήτησαν τὴν παραίτησιν τοῦ πρυτάνεως. Ἡ ἀστυνομία δὲν ἐπενέβη, ἐνῷ αἱ διαπραγματεύσεις συνεχίζονται.

Ἐπαναστατικὴ ἔκρηξις εἰς τὸ πανεπιστήμιον τῆς πόλεως, τὸ μεγαλύτερον τοῦ κόσμου, τὸ ὁποῖον διατηρεῖ 85.000 φοιτητάς. Οἱ φοιτηταὶ κατέλαβον τὰ κτίρια καὶ ἐζήτησαν τὴν παραίτησιν τοῦ πρυτάνεως. Ἡ ἀστυνομία δὲν ἐπενέβη, ἐνῷ αἱ διαπραγματεύσεις συνεχίζονται.

Ἐπαναστατικὴ ἔκρηξις εἰς τὸ πανεπιστήμιον τῆς πόλεως, τὸ μεγαλύτερον τοῦ κόσμου, τὸ ὁποῖον διατηρεῖ 85.000 φοιτητάς. Οἱ φοιτηταὶ κατέλαβον τὰ κτίρια καὶ ἐζήτησαν τὴν παραίτησιν τοῦ πρυτάνεως. Ἡ ἀστυνομία δὲν ἐπενέβη, ἐνῷ αἱ διαπραγματεύσεις συνεχίζονται.

Ἐπαναστατικὴ ἔκρηξις εἰς τὸ πανεπιστήμιον τῆς πόλεως, τὸ μεγαλύτερον τοῦ κόσμου, τὸ ὁποῖον διατηρεῖ 85.000 φοιτητάς. Οἱ φοιτηταὶ κατέλαβον τὰ κτίρια καὶ ἐζήτησαν τὴν παραίτησιν τοῦ πρυτάνεως. Ἡ ἀστυνομία δὲν ἐπενέβη, ἐνῷ αἱ διαπραγματεύσεις συνεχίζονται.

ΜΕΤΑ ΤΗΝ ΜΥΣΙΝΗΝ
ΑΝΕΚΑΛΥΦΘΗΣΑΝ ΚΑΙ ΑΛΛΑ ΑΠΟΤΕΛΕΣΜΑΤΙΚΑ ΦΑΡΜΑΚΑ
Αὐστραλοὶ παρασκευάζουν ἀντιγριππικὸν ἐμβόλιον καὶ Ἀμερικανοὶ ἐμβόλιον κατὰ τῆς Ἰλαρᾶς
ΜΟΝΤΡΕΑΛ.—

Αἱ πληροφορίαι περὶ τῆς ἀνακαλύψεως νέου ἀντιβιοτικοῦ ἐθεωρήθησαν ὡς σημαντικαί. Εἰς τὸ Ἰνστιτοῦτον τῆς Αὐστραλίας ἐπέτυχον ἐμβόλιον κατὰ τῆς γρίππης, ἐνῷ οἱ ἰατροὶ Λέϊδερ καὶ Ὀξέμπεργκ κατεσκεύασαν ἐμβόλιον κατὰ τῆς ἰλαρᾶς. Ἐξ ἄλλου εἰς Ὀυάσιγκτων, τὸ Ἐθνικὸν Ἰνστιτοῦτον ὑγείας ἀνεκοίνωσε τὴν ἐπιτυχίαν.

Αἱ πληροφορίαι περὶ τῆς ἀνακαλύψεως νέου ἀντιβιοτικοῦ ἐθεωρήθησαν ὡς σημαντικαί. Εἰς τὸ Ἰνστιτοῦτον τῆς Αὐστραλίας ἐπέτυχον ἐμβόλιον κατὰ τῆς γρίππης, ἐνῷ οἱ ἰατροὶ Λέϊδερ καὶ Ὀξέμπεργκ κατεσκεύασαν ἐμβόλιον κατὰ τῆς ἰλαρᾶς. Ἐξ ἄλλου εἰς Ὀυάσιγκτων, τὸ Ἐθνικὸν Ἰνστιτοῦτον ὑγείας ἀνεκοίνωσε τὴν ἐπιτυχίαν.

Αἱ πληροφορίαι περὶ τῆς ἀνακαλύψεως νέου ἀντιβιοτικοῦ ἐθεωρήθησαν ὡς σημαντικαί. Εἰς τὸ Ἰνστιτοῦτον τῆς Αὐστραλίας ἐπέτυχον ἐμβόλιον κατὰ τῆς γρίππης, ἐνῷ οἱ ἰατροὶ Λέϊδερ καὶ Ὀξέμπεργκ κατεσκεύασαν ἐμβόλιον κατὰ τῆς ἰλαρᾶς. Ἐξ ἄλλου εἰς Ὀυάσιγκτων, τὸ Ἐθνικὸν Ἰνστιτοῦτον ὑγείας ἀνεκοίνωσε τὴν ἐπιτυχίαν.

Αἱ πληροφορίαι περὶ τῆς ἀνακαλύψεως νέου ἀντιβιοτικοῦ ἐθεωρήθησαν ὡς σημαντικαί. Εἰς τὸ Ἰνστιτοῦτον τῆς Αὐστραλίας ἐπέτυχον ἐμβόλιον κατὰ τῆς γρίππης, ἐνῷ οἱ ἰατροὶ Λέϊδερ καὶ Ὀξέμπεργκ κατεσκεύασαν ἐμβόλιον κατὰ τῆς ἰλαρᾶς. Ἐξ ἄλλου εἰς Ὀυάσιγκτων, τὸ Ἐθνικὸν Ἰνστιτοῦτον ὑγείας ἀνεκοίνωσε τὴν ἐπιτυχίαν.

Αἱ πληροφορίαι περὶ τῆς ἀνακαλύψεως νέου ἀντιβιοτικοῦ ἐθεωρήθησαν ὡς σημαντικαί. Εἰς τὸ Ἰνστιτοῦτον τῆς Αὐστραλίας ἐπέτυχον ἐμβόλιον κατὰ τῆς γρίππης, ἐνῷ οἱ ἰατροὶ Λέϊδερ καὶ Ὀξέμπεργκ κατεσκεύασαν ἐμβόλιον κατὰ τῆς ἰλαρᾶς. Ἐξ ἄλλου εἰς Ὀυάσιγκτων, τὸ Ἐθνικὸν Ἰνστιτοῦτον ὑγείας ἀνεκοίνωσε τὴν ἐπιτυχίαν.

Αἱ πληροφορίαι περὶ τῆς ἀνακαλύψεως νέου ἀντιβιοτικοῦ ἐθεωρήθησαν ὡς σημαντικαί. Εἰς τὸ Ἰνστιτοῦτον τῆς Αὐστραλίας ἐπέτυχον ἐμβόλιον κατὰ τῆς γρίππης, ἐνῷ οἱ ἰατροὶ Λέϊδερ καὶ Ὀξέμπεργκ κατεσκεύασαν ἐμβόλιον κατὰ τῆς ἰλαρᾶς. Ἐξ ἄλλου εἰς Ὀυάσιγκτων, τὸ Ἐθνικὸν Ἰνστιτοῦτον ὑγείας ἀνεκοίνωσε τὴν ἐπιτυχίαν.
